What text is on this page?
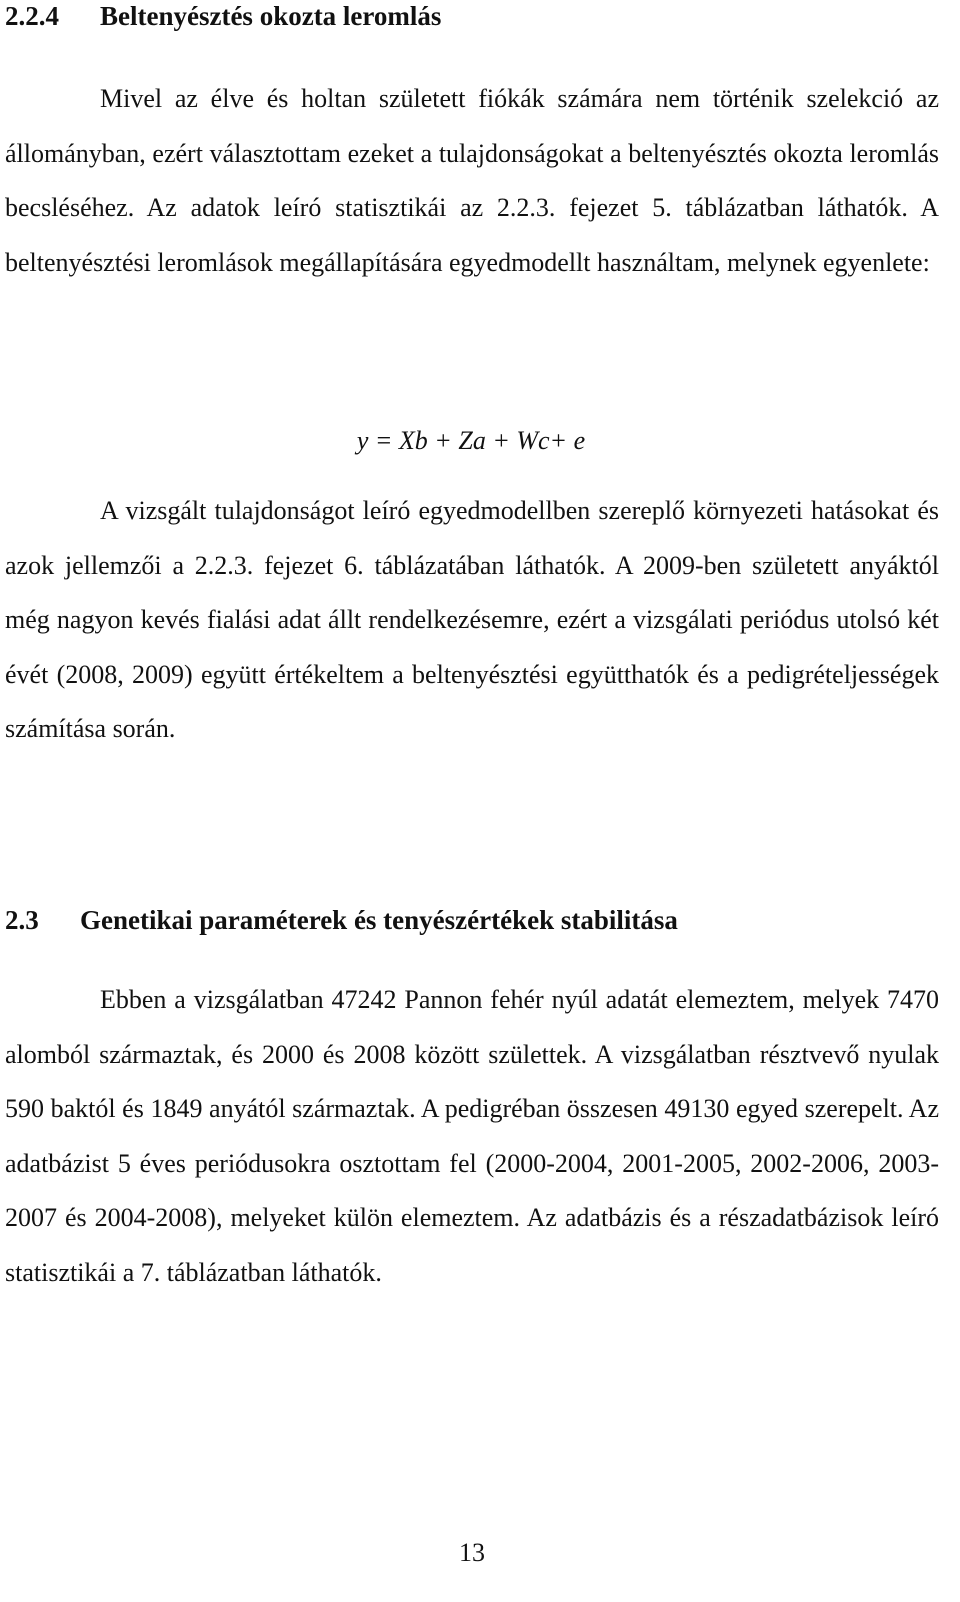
2.2.4 Beltenyésztés okozta leromlás

Mivel az élve és holtan született fiókák számára nem történik szelekció az állományban, ezért választottam ezeket a tulajdonságokat a beltenyésztés okozta leromlás becsléséhez. Az adatok leíró statisztikái az 2.2.3. fejezet 5. táblázatban láthatók. A beltenyésztési leromlások megállapítására egyedmodellt használtam, melynek egyenlete:

y = Xb + Za + Wc+ e

A vizsgált tulajdonságot leíró egyedmodellben szereplő környezeti hatásokat és azok jellemzői a 2.2.3. fejezet 6. táblázatában láthatók. A 2009-ben született anyáktól még nagyon kevés fialási adat állt rendelkezésemre, ezért a vizsgálati periódus utolsó két évét (2008, 2009) együtt értékeltem a beltenyésztési együtthatók és a pedigrételjességek számítása során.

2.3 Genetikai paraméterek és tenyészértékek stabilitása

Ebben a vizsgálatban 47242 Pannon fehér nyúl adatát elemeztem, melyek 7470 alomból származtak, és 2000 és 2008 között születtek. A vizsgálatban résztvevő nyulak 590 baktól és 1849 anyától származtak. A pedigréban összesen 49130 egyed szerepelt. Az adatbázist 5 éves periódusokra osztottam fel (2000-2004, 2001-2005, 2002-2006, 2003-2007 és 2004-2008), melyeket külön elemeztem. Az adatbázis és a részadatbázisok leíró statisztikái a 7. táblázatban láthatók.

13
